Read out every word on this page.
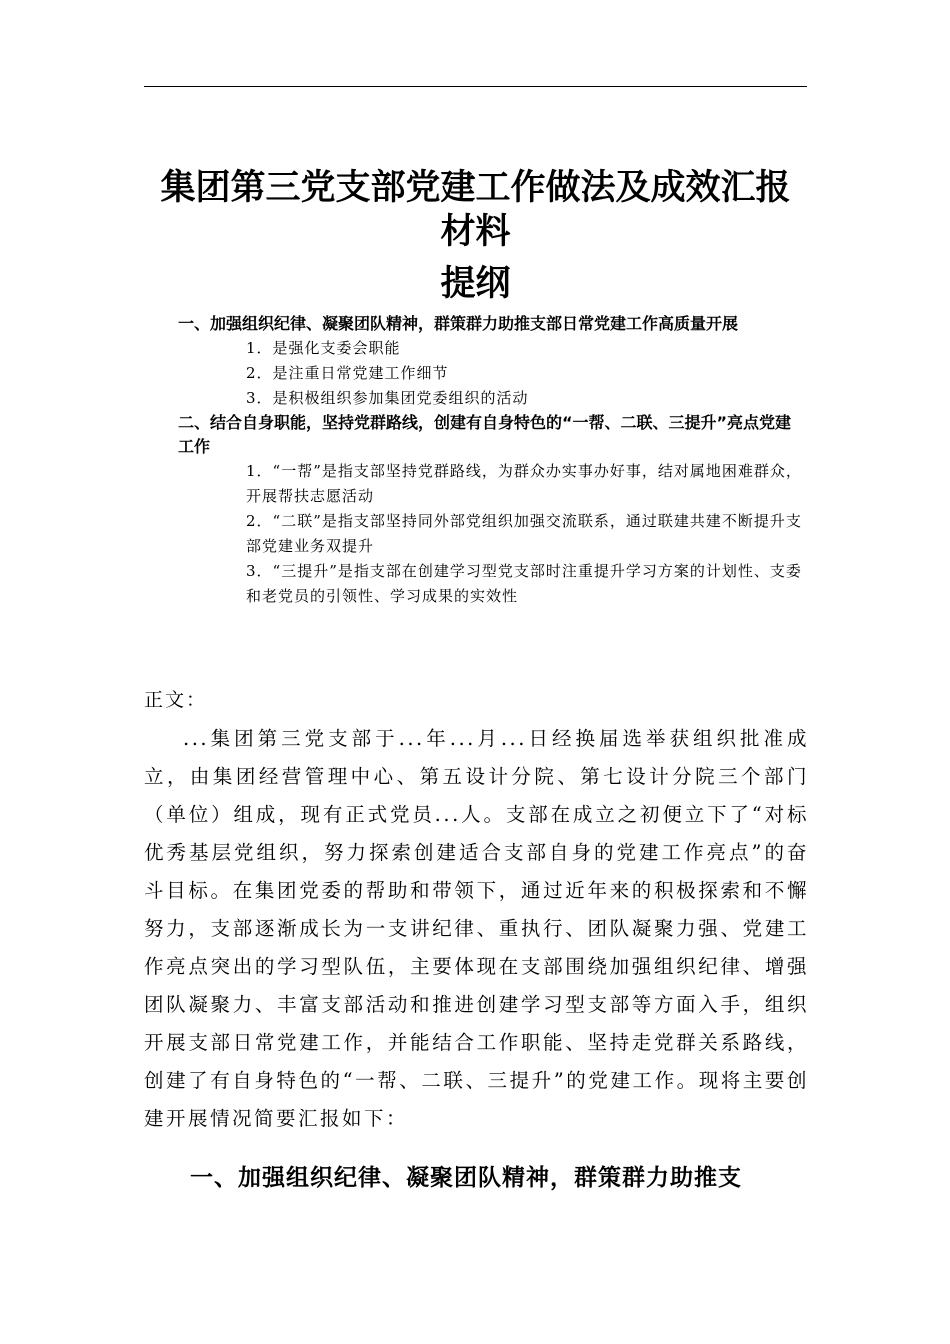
集团第三党支部党建工作做法及成效汇报
材料
提纲

一、加强组织纪律、凝聚团队精神，群策群力助推支部日常党建工作高质量开展

1．是强化支委会职能

2．是注重日常党建工作细节

3．是积极组织参加集团党委组织的活动

二、结合自身职能，坚持党群路线，创建有自身特色的“一帮、二联、三提升”亮点党建工作

1．“一帮”是指支部坚持党群路线，为群众办实事办好事，结对属地困难群众，开展帮扶志愿活动

2．“二联”是指支部坚持同外部党组织加强交流联系，通过联建共建不断提升支部党建业务双提升

3．“三提升”是指支部在创建学习型党支部时注重提升学习方案的计划性、支委和老党员的引领性、学习成果的实效性

正文：

...集团第三党支部于...年...月...日经换届选举获组织批准成立，由集团经营管理中心、第五设计分院、第七设计分院三个部门（单位）组成，现有正式党员...人。支部在成立之初便立下了“对标优秀基层党组织，努力探索创建适合支部自身的党建工作亮点”的奋斗目标。在集团党委的帮助和带领下，通过近年来的积极探索和不懈努力，支部逐渐成长为一支讲纪律、重执行、团队凝聚力强、党建工作亮点突出的学习型队伍，主要体现在支部围绕加强组织纪律、增强团队凝聚力、丰富支部活动和推进创建学习型支部等方面入手，组织开展支部日常党建工作，并能结合工作职能、坚持走党群关系路线，创建了有自身特色的“一帮、二联、三提升”的党建工作。现将主要创建开展情况简要汇报如下：

一、加强组织纪律、凝聚团队精神，群策群力助推支
